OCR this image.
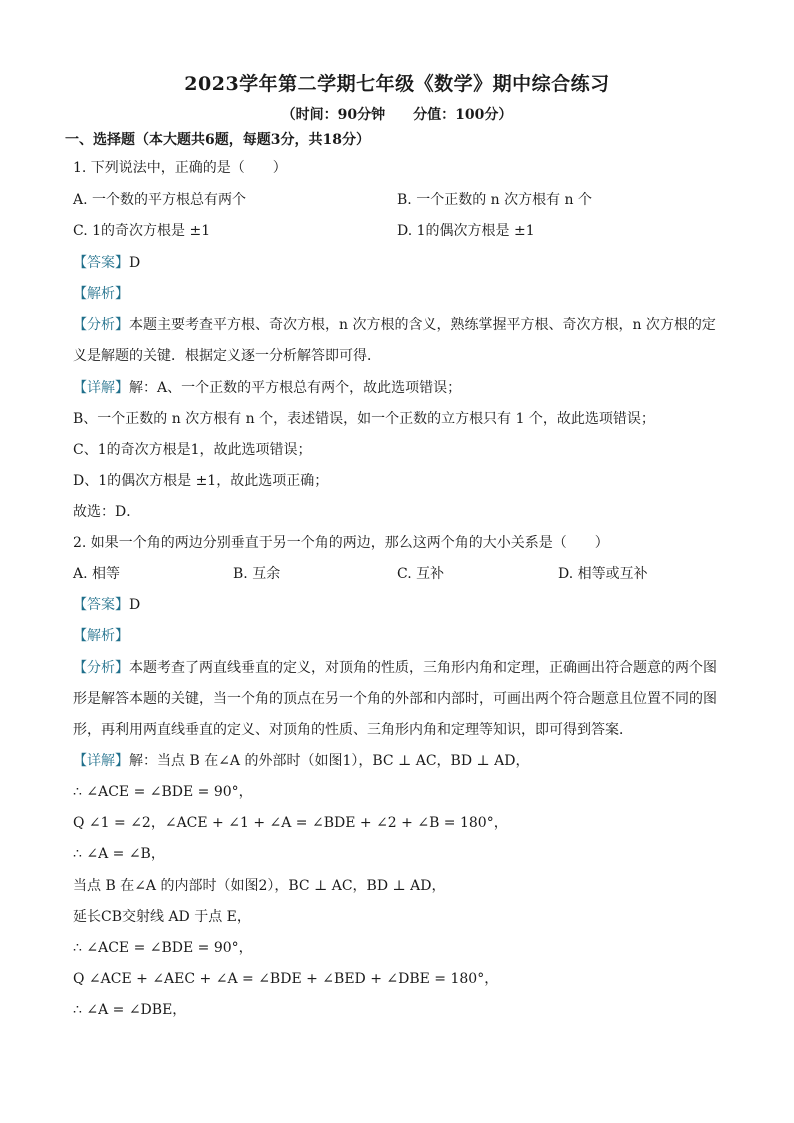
2023学年第二学期七年级《数学》期中综合练习
（时间：90分钟　　分值：100分）
一、选择题（本大题共6题，每题3分，共18分）
1. 下列说法中，正确的是（　　）
A. 一个数的平方根总有两个	B. 一个正数的 n 次方根有 n 个
C. 1的奇次方根是 ±1	D. 1的偶次方根是 ±1
【答案】D
【解析】
【分析】本题主要考查平方根、奇次方根，n 次方根的含义，熟练掌握平方根、奇次方根，n 次方根的定
义是解题的关键．根据定义逐一分析解答即可得．
【详解】解：A、一个正数的平方根总有两个，故此选项错误；
B、一个正数的 n 次方根有 n 个，表述错误，如一个正数的立方根只有 1 个，故此选项错误；
C、1的奇次方根是1，故此选项错误；
D、1的偶次方根是 ±1，故此选项正确；
故选：D．
2. 如果一个角的两边分别垂直于另一个角的两边，那么这两个角的大小关系是（　　）
A. 相等	B. 互余	C. 互补	D. 相等或互补
【答案】D
【解析】
【分析】本题考查了两直线垂直的定义，对顶角的性质，三角形内角和定理，正确画出符合题意的两个图
形是解答本题的关键，当一个角的顶点在另一个角的外部和内部时，可画出两个符合题意且位置不同的图
形，再利用两直线垂直的定义、对顶角的性质、三角形内角和定理等知识，即可得到答案．
【详解】解：当点 B 在∠A 的外部时（如图1），BC ⊥ AC，BD ⊥ AD，
∴ ∠ACE = ∠BDE = 90°，
Q ∠1 = ∠2，∠ACE + ∠1 + ∠A = ∠BDE + ∠2 + ∠B = 180°，
∴ ∠A = ∠B，
当点 B 在∠A 的内部时（如图2），BC ⊥ AC，BD ⊥ AD，
延长CB交射线 AD 于点 E，
∴ ∠ACE = ∠BDE = 90°，
Q ∠ACE + ∠AEC + ∠A = ∠BDE + ∠BED + ∠DBE = 180°，
∴ ∠A = ∠DBE，
